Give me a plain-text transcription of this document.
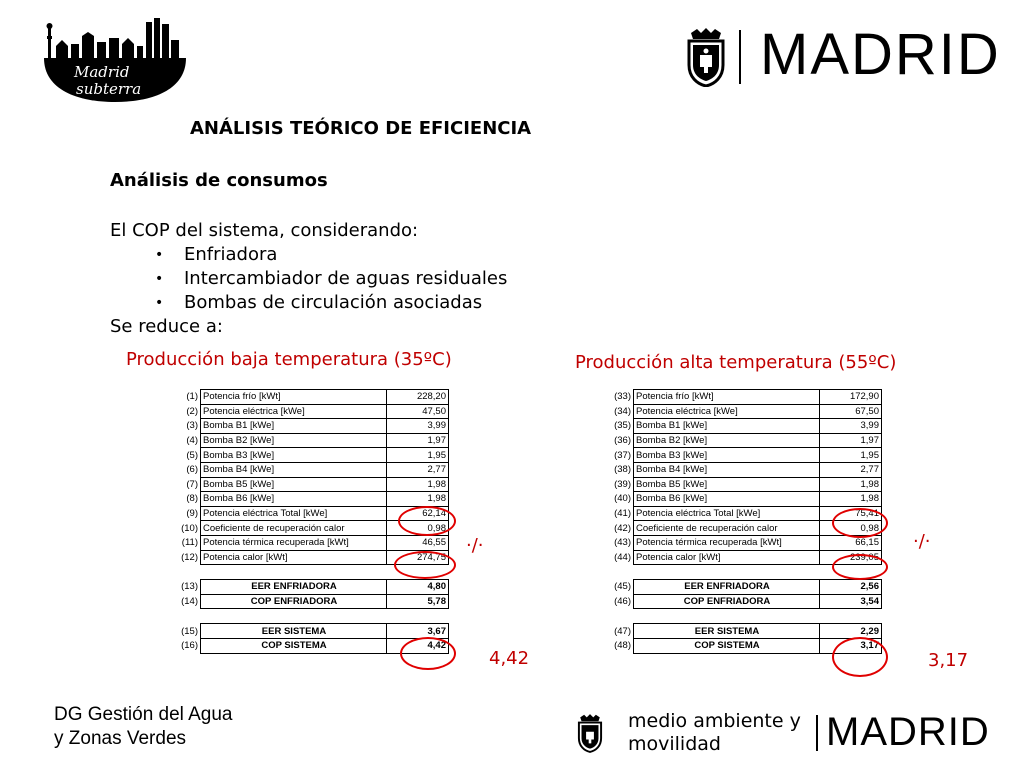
Madrid
subterra
MADRID
ANÁLISIS TEÓRICO DE EFICIENCIA
Análisis de consumos
El COP del sistema, considerando:
• Enfriadora
• Intercambiador de aguas residuales
• Bombas de circulación asociadas
Se reduce a:
Producción baja temperatura (35ºC)	Producción alta temperatura (55ºC)
(1)	Potencia frío [kWt]	228,20
(2)	Potencia eléctrica [kWe]	47,50
(3)	Bomba B1 [kWe]	3,99
(4)	Bomba B2 [kWe]	1,97
(5)	Bomba B3 [kWe]	1,95
(6)	Bomba B4 [kWe]	2,77
(7)	Bomba B5 [kWe]	1,98
(8)	Bomba B6 [kWe]	1,98
(9)	Potencia eléctrica Total [kWe]	62,14
(10)	Coeficiente de recuperación calor	0,98
(11)	Potencia térmica recuperada [kWt]	46,55
(12)	Potencia calor [kWt]	274,75

(13)	EER ENFRIADORA	4,80
(14)	COP ENFRIADORA	5,78

(15)	EER SISTEMA	3,67
(16)	COP SISTEMA	4,42
(33)	Potencia frío [kWt]	172,90
(34)	Potencia eléctrica [kWe]	67,50
(35)	Bomba B1 [kWe]	3,99
(36)	Bomba B2 [kWe]	1,97
(37)	Bomba B3 [kWe]	1,95
(38)	Bomba B4 [kWe]	2,77
(39)	Bomba B5 [kWe]	1,98
(40)	Bomba B6 [kWe]	1,98
(41)	Potencia eléctrica Total [kWe]	75,41
(42)	Coeficiente de recuperación calor	0,98
(43)	Potencia térmica recuperada [kWt]	66,15
(44)	Potencia calor [kWt]	239,05

(45)	EER ENFRIADORA	2,56
(46)	COP ENFRIADORA	3,54

(47)	EER SISTEMA	2,29
(48)	COP SISTEMA	3,17
·/·
4,42
·/·
3,17
DG Gestión del Agua
y Zonas Verdes
medio ambiente y
movilidad	MADRID
